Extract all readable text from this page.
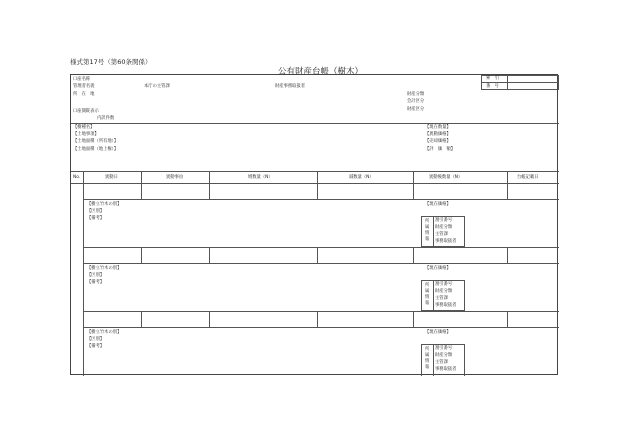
様式第17号（第60条関係）
公有財産台帳（樹木）
口座名称
管理者名義	本庁の主管課	財産事務取扱者
所　在　地	財産分類
会計区分
財産区分
口座開錠表示
内訳件数
索　引
番　号
【樹種名】
【土地事項】
【土地面積（所有地）】
【土地面積（地上権）】
【現在数量】
【異動価格】
【売却価格】
【評　価　額】
No.	異動日	異動事由	増数量（N）	減数量（N）	異動後数量（N）	台帳記載日
【樹立竹木の別】
【区別】
【備考】
【現在価格】
所
属
情
報
割引番号
財産分類
主管課
事務取扱者
【樹立竹木の別】
【区別】
【備考】
【現在価格】
所
属
情
報
割引番号
財産分類
主管課
事務取扱者
【樹立竹木の別】
【区別】
【備考】
【現在価格】
所
属
情
報
割引番号
財産分類
主管課
事務取扱者
